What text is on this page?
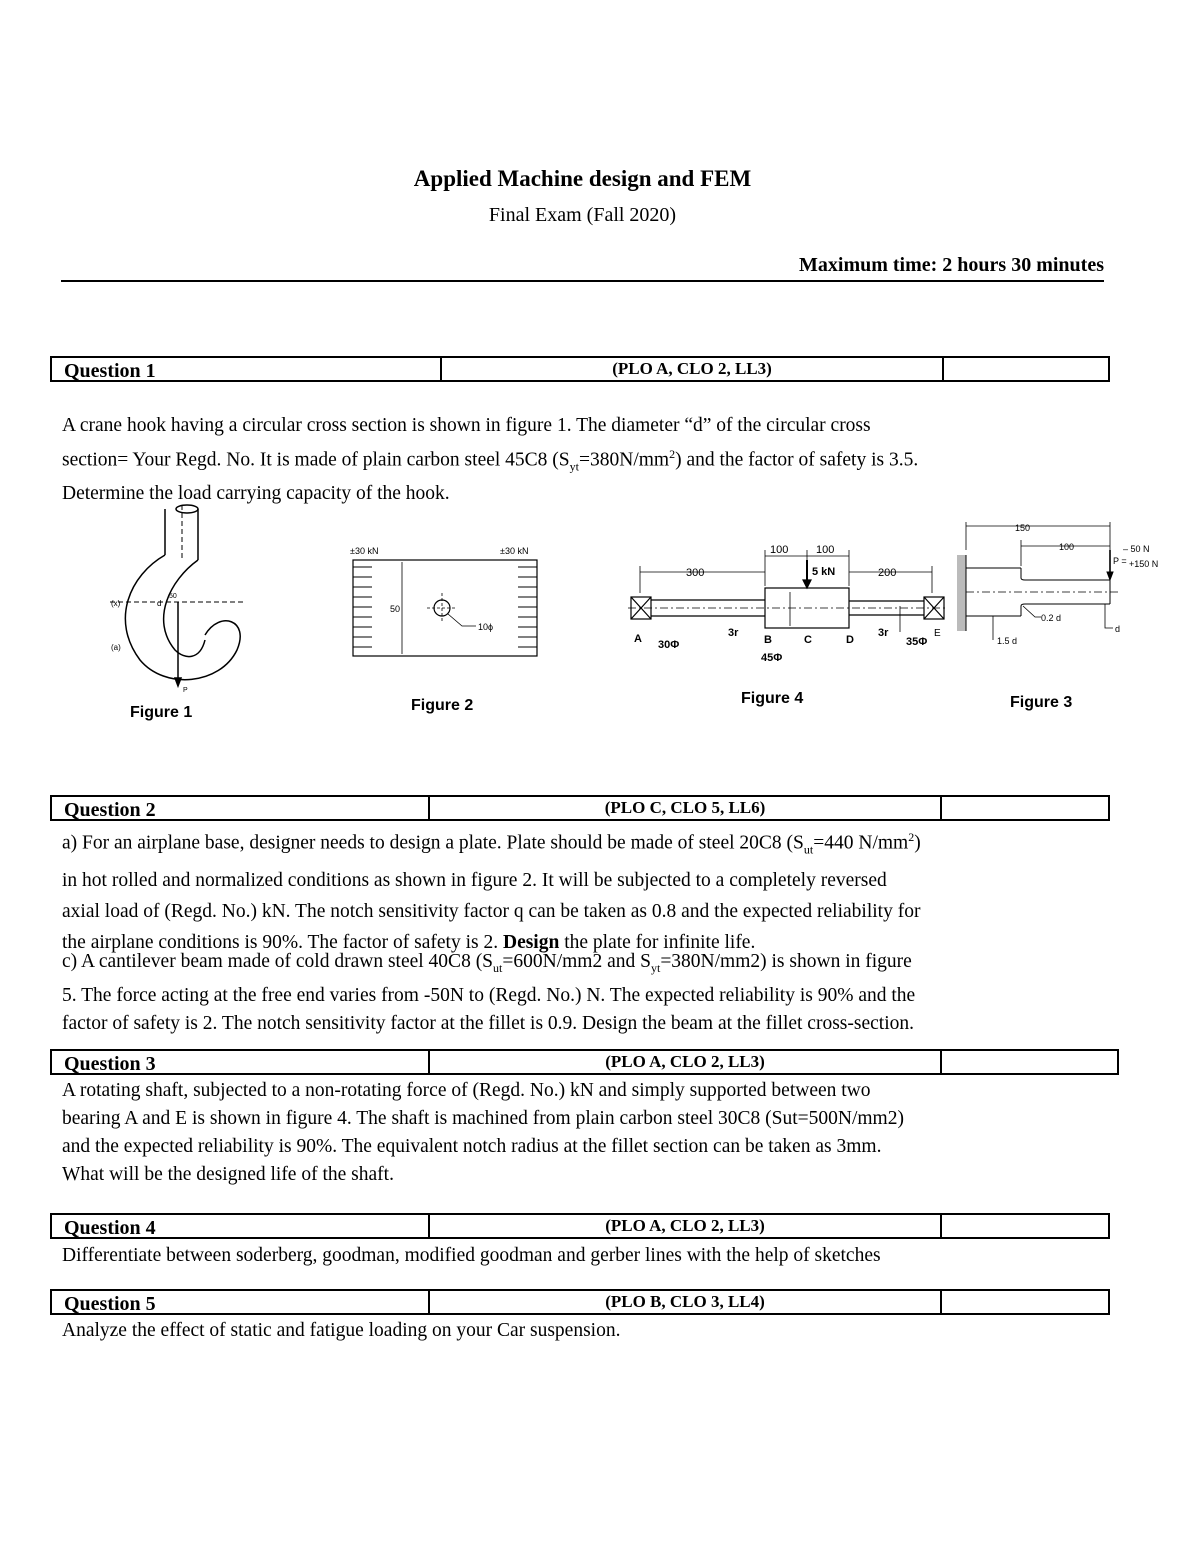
Applied Machine design and FEM
Final Exam (Fall 2020)
Maximum time: 2 hours 30 minutes
Question 1	(PLO A, CLO 2, LL3)

A crane hook having a circular cross section is shown in figure 1. The diameter “d” of the circular cross

section= Your Regd. No. It is made of plain carbon steel 45C8 $(S_{yt}=380N/mm^2)$ and the factor of safety is 3.5.

Determine the load carrying capacity of the hook.

(x)	d
50
(a)
P
Figure 1
±30 kN	±30 kN
50
10ϕ
Figure 2
100	100
5 kN
300	200
A 30Φ
3r
B	C	D
3r
35Φ
E
45Φ
Figure 4
150
100	– 50 N
P = +150 N
0.2 d
1.5 d
d
Figure 3
Question 2	(PLO C, CLO 5, LL6)

a) For an airplane base, designer needs to design a plate. Plate should be made of steel 20C8 ($S_{ut}=440$ $N/mm^2$)

in hot rolled and normalized conditions as shown in figure 2. It will be subjected to a completely reversed

axial load of (Regd. No.) kN. The notch sensitivity factor q can be taken as 0.8 and the expected reliability for

the airplane conditions is 90%. The factor of safety is 2. Design the plate for infinite life.

c) A cantilever beam made of cold drawn steel 40C8 ($S_{ut}=600N/mm2$ and $S_{yt}=380N/mm2$) is shown in figure

5. The force acting at the free end varies from -50N to (Regd. No.) N. The expected reliability is 90% and the

factor of safety is 2. The notch sensitivity factor at the fillet is 0.9. Design the beam at the fillet cross-section.

Question 3	(PLO A, CLO 2, LL3)

A rotating shaft, subjected to a non-rotating force of (Regd. No.) kN and simply supported between two

bearing A and E is shown in figure 4. The shaft is machined from plain carbon steel 30C8 (Sut=500N/mm2)

and the expected reliability is 90%. The equivalent notch radius at the fillet section can be taken as 3mm.

What will be the designed life of the shaft.

Question 4	(PLO A, CLO 2, LL3)

Differentiate between soderberg, goodman, modified goodman and gerber lines with the help of sketches

Question 5	(PLO B, CLO 3, LL4)

Analyze the effect of static and fatigue loading on your Car suspension.
